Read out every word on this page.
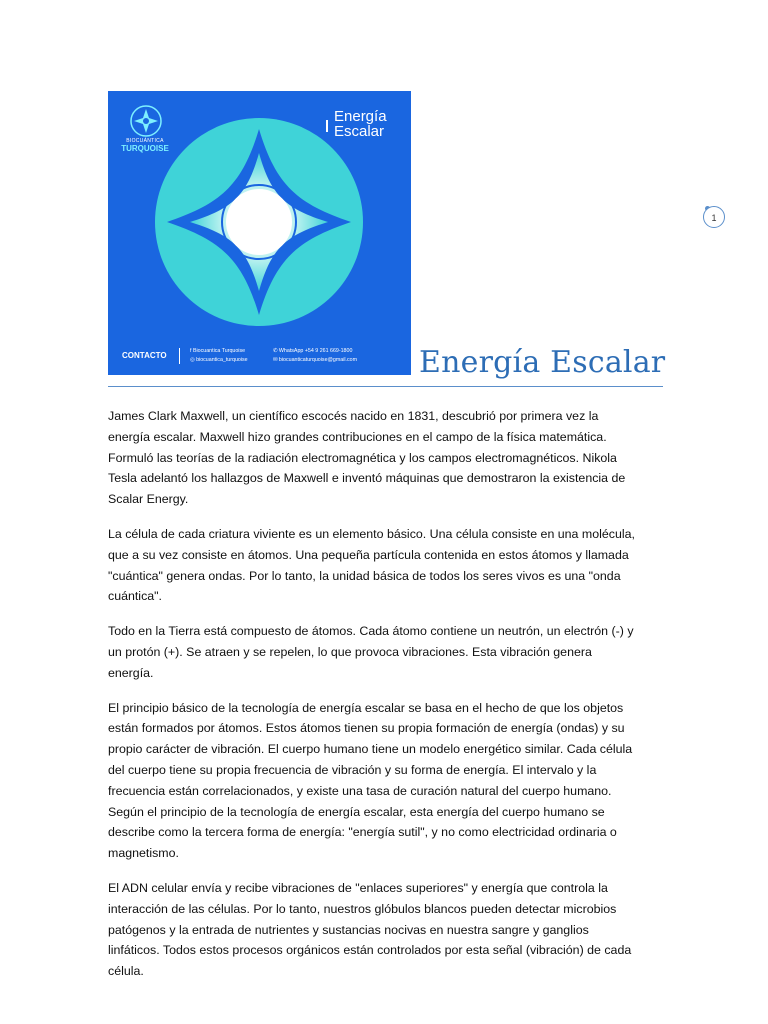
BIOCUÁNTICA
TURQUOISE
Energía
Escalar
CONTACTO	f Biocuantica Turquoise
◎ biocuantica_turquoise
✆ WhatsApp +54 9 261 669-1800
✉ biocuanticaturquoise@gmail.com Energía Escalar
1

James Clark Maxwell, un científico escocés nacido en 1831, descubrió por primera vez la energía escalar. Maxwell hizo grandes contribuciones en el campo de la física matemática. Formuló las teorías de la radiación electromagnética y los campos electromagnéticos. Nikola Tesla adelantó los hallazgos de Maxwell e inventó máquinas que demostraron la existencia de Scalar Energy.

La célula de cada criatura viviente es un elemento básico. Una célula consiste en una molécula, que a su vez consiste en átomos. Una pequeña partícula contenida en estos átomos y llamada "cuántica" genera ondas. Por lo tanto, la unidad básica de todos los seres vivos es una "onda cuántica".

Todo en la Tierra está compuesto de átomos. Cada átomo contiene un neutrón, un electrón (-) y un protón (+). Se atraen y se repelen, lo que provoca vibraciones. Esta vibración genera energía.

El principio básico de la tecnología de energía escalar se basa en el hecho de que los objetos están formados por átomos. Estos átomos tienen su propia formación de energía (ondas) y su propio carácter de vibración. El cuerpo humano tiene un modelo energético similar. Cada célula del cuerpo tiene su propia frecuencia de vibración y su forma de energía. El intervalo y la frecuencia están correlacionados, y existe una tasa de curación natural del cuerpo humano. Según el principio de la tecnología de energía escalar, esta energía del cuerpo humano se describe como la tercera forma de energía: "energía sutil", y no como electricidad ordinaria o magnetismo.

El ADN celular envía y recibe vibraciones de "enlaces superiores" y energía que controla la interacción de las células. Por lo tanto, nuestros glóbulos blancos pueden detectar microbios patógenos y la entrada de nutrientes y sustancias nocivas en nuestra sangre y ganglios linfáticos. Todos estos procesos orgánicos están controlados por esta señal (vibración) de cada célula.
